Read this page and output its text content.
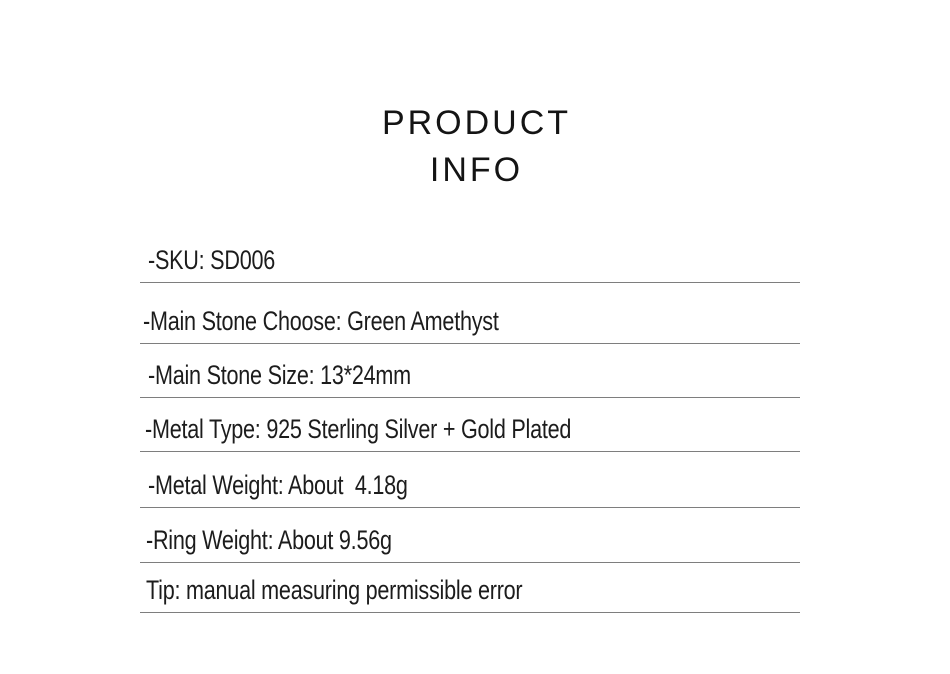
PRODUCT
INFO
-SKU: SD006
-Main Stone Choose: Green Amethyst
-Main Stone Size: 13*24mm
-Metal Type: 925 Sterling Silver + Gold Plated
-Metal Weight: About  4.18g
-Ring Weight: About 9.56g
Tip: manual measuring permissible error
